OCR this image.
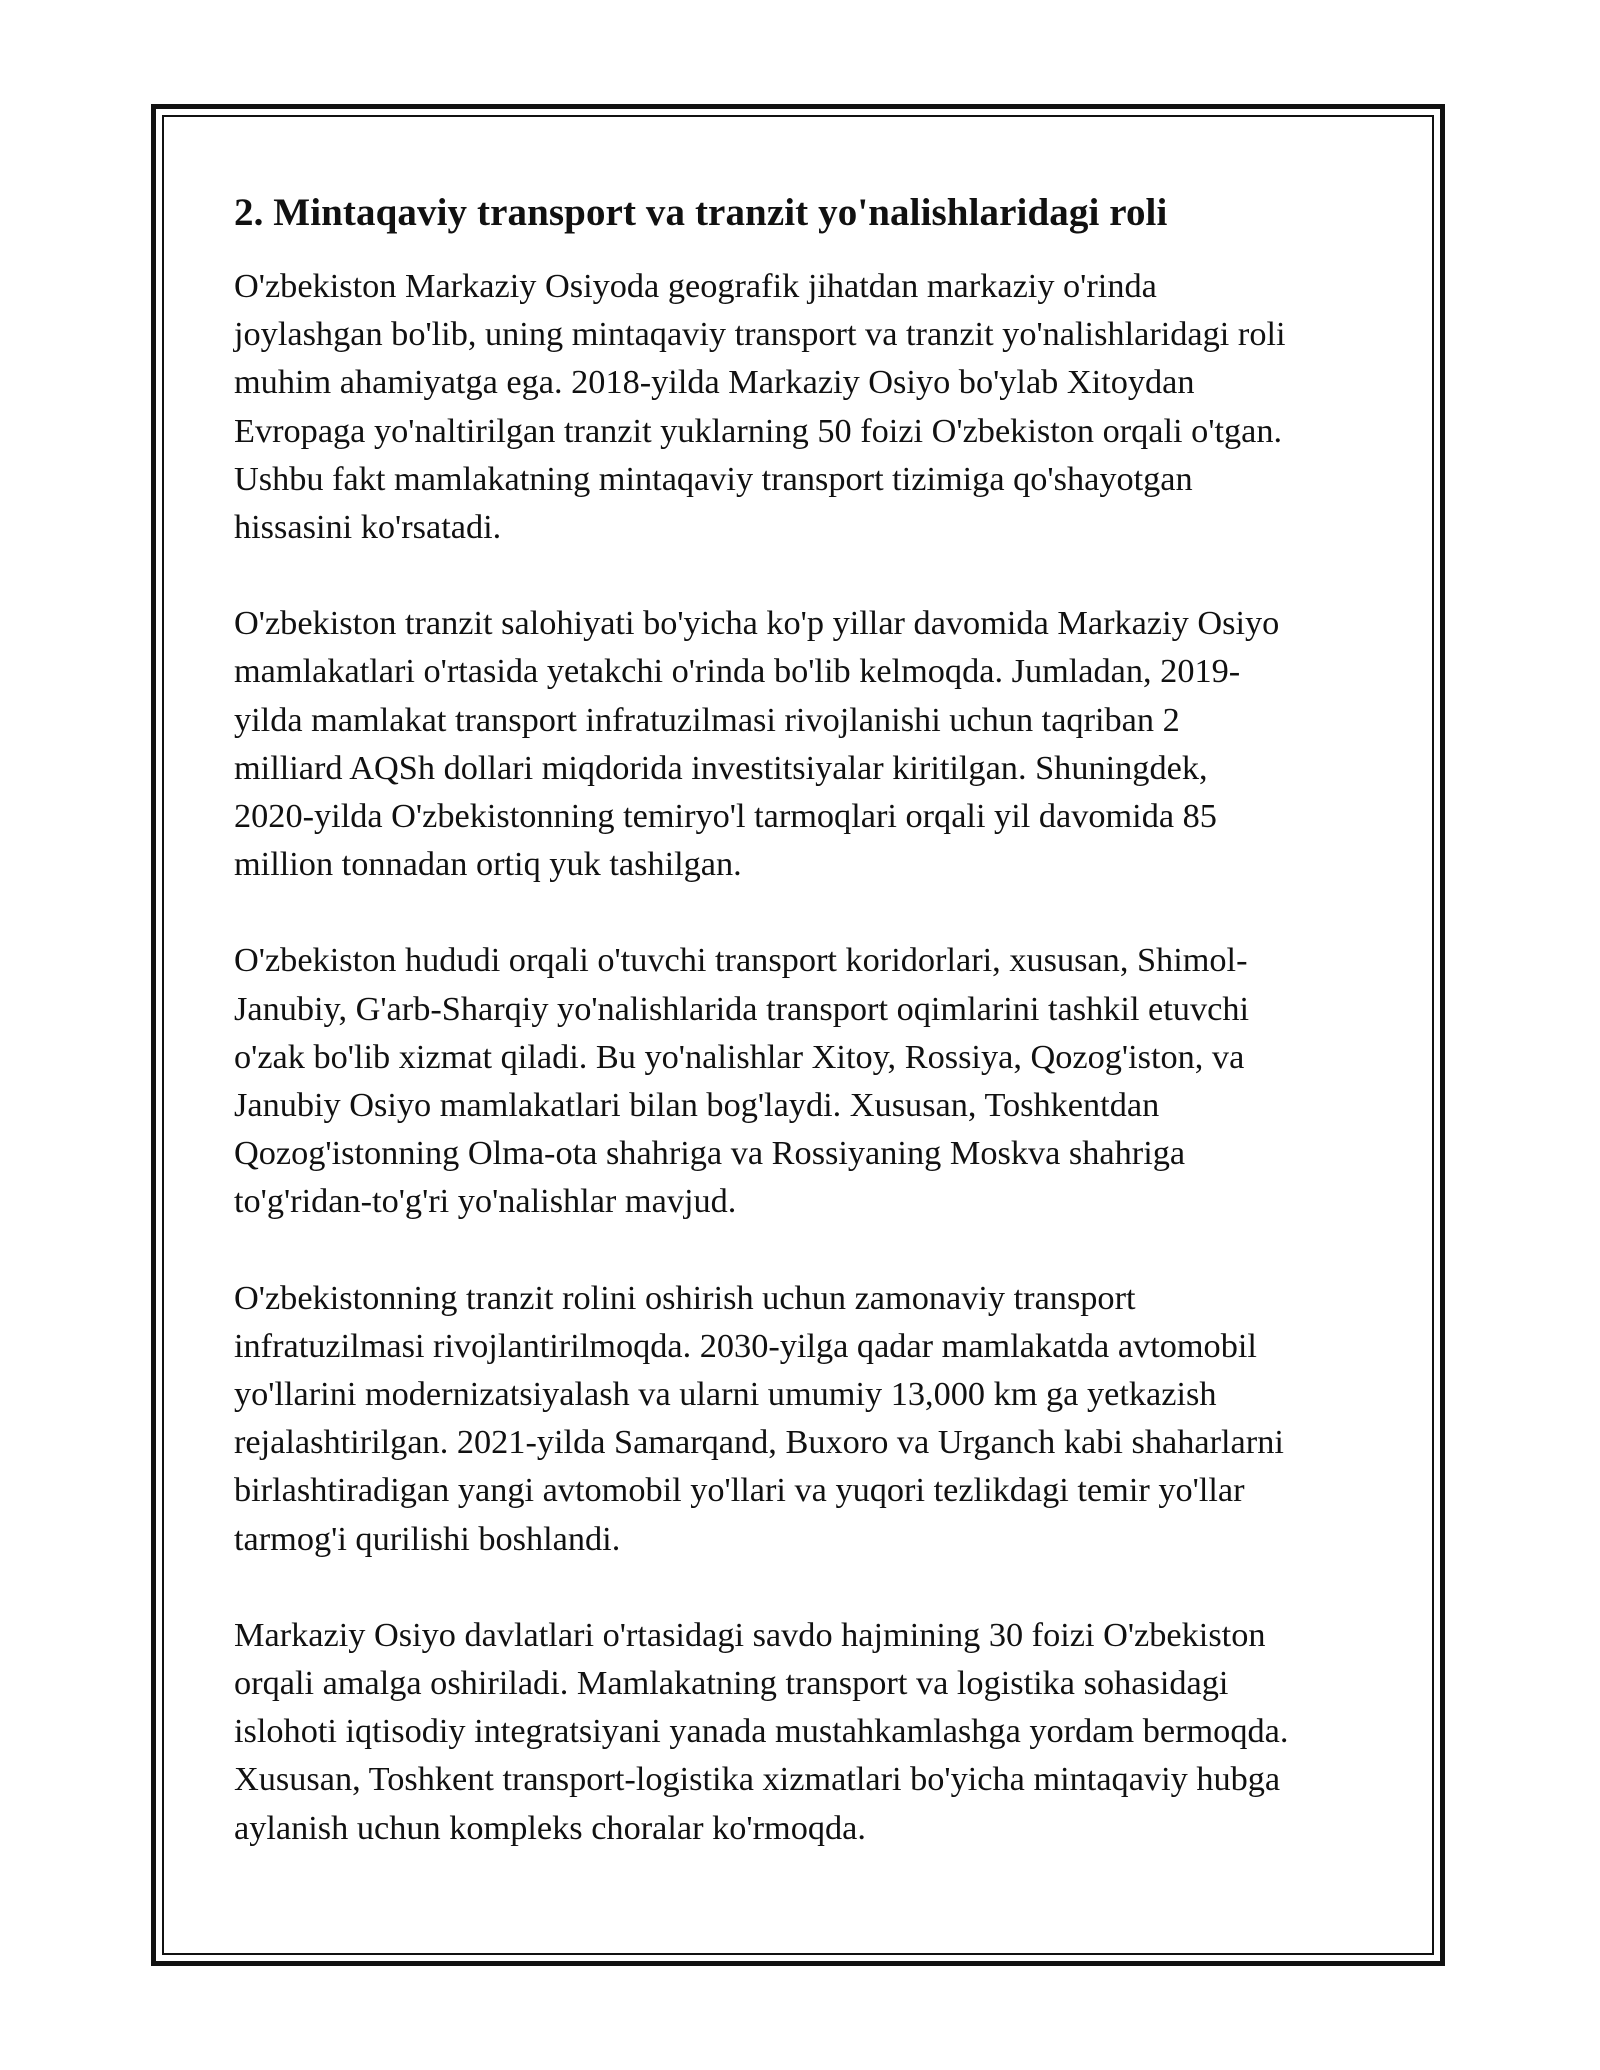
2. Mintaqaviy transport va tranzit yo'nalishlaridagi roli

O'zbekiston Markaziy Osiyoda geografik jihatdan markaziy o'rinda
joylashgan bo'lib, uning mintaqaviy transport va tranzit yo'nalishlaridagi roli
muhim ahamiyatga ega. 2018-yilda Markaziy Osiyo bo'ylab Xitoydan
Evropaga yo'naltirilgan tranzit yuklarning 50 foizi O'zbekiston orqali o'tgan.
Ushbu fakt mamlakatning mintaqaviy transport tizimiga qo'shayotgan
hissasini ko'rsatadi.

O'zbekiston tranzit salohiyati bo'yicha ko'p yillar davomida Markaziy Osiyo
mamlakatlari o'rtasida yetakchi o'rinda bo'lib kelmoqda. Jumladan, 2019-
yilda mamlakat transport infratuzilmasi rivojlanishi uchun taqriban 2
milliard AQSh dollari miqdorida investitsiyalar kiritilgan. Shuningdek,
2020-yilda O'zbekistonning temiryo'l tarmoqlari orqali yil davomida 85
million tonnadan ortiq yuk tashilgan.

O'zbekiston hududi orqali o'tuvchi transport koridorlari, xususan, Shimol-
Janubiy, G'arb-Sharqiy yo'nalishlarida transport oqimlarini tashkil etuvchi
o'zak bo'lib xizmat qiladi. Bu yo'nalishlar Xitoy, Rossiya, Qozog'iston, va
Janubiy Osiyo mamlakatlari bilan bog'laydi. Xususan, Toshkentdan
Qozog'istonning Olma-ota shahriga va Rossiyaning Moskva shahriga
to'g'ridan-to'g'ri yo'nalishlar mavjud.

O'zbekistonning tranzit rolini oshirish uchun zamonaviy transport
infratuzilmasi rivojlantirilmoqda. 2030-yilga qadar mamlakatda avtomobil
yo'llarini modernizatsiyalash va ularni umumiy 13,000 km ga yetkazish
rejalashtirilgan. 2021-yilda Samarqand, Buxoro va Urganch kabi shaharlarni
birlashtiradigan yangi avtomobil yo'llari va yuqori tezlikdagi temir yo'llar
tarmog'i qurilishi boshlandi.

Markaziy Osiyo davlatlari o'rtasidagi savdo hajmining 30 foizi O'zbekiston
orqali amalga oshiriladi. Mamlakatning transport va logistika sohasidagi
islohoti iqtisodiy integratsiyani yanada mustahkamlashga yordam bermoqda.
Xususan, Toshkent transport-logistika xizmatlari bo'yicha mintaqaviy hubga
aylanish uchun kompleks choralar ko'rmoqda.
